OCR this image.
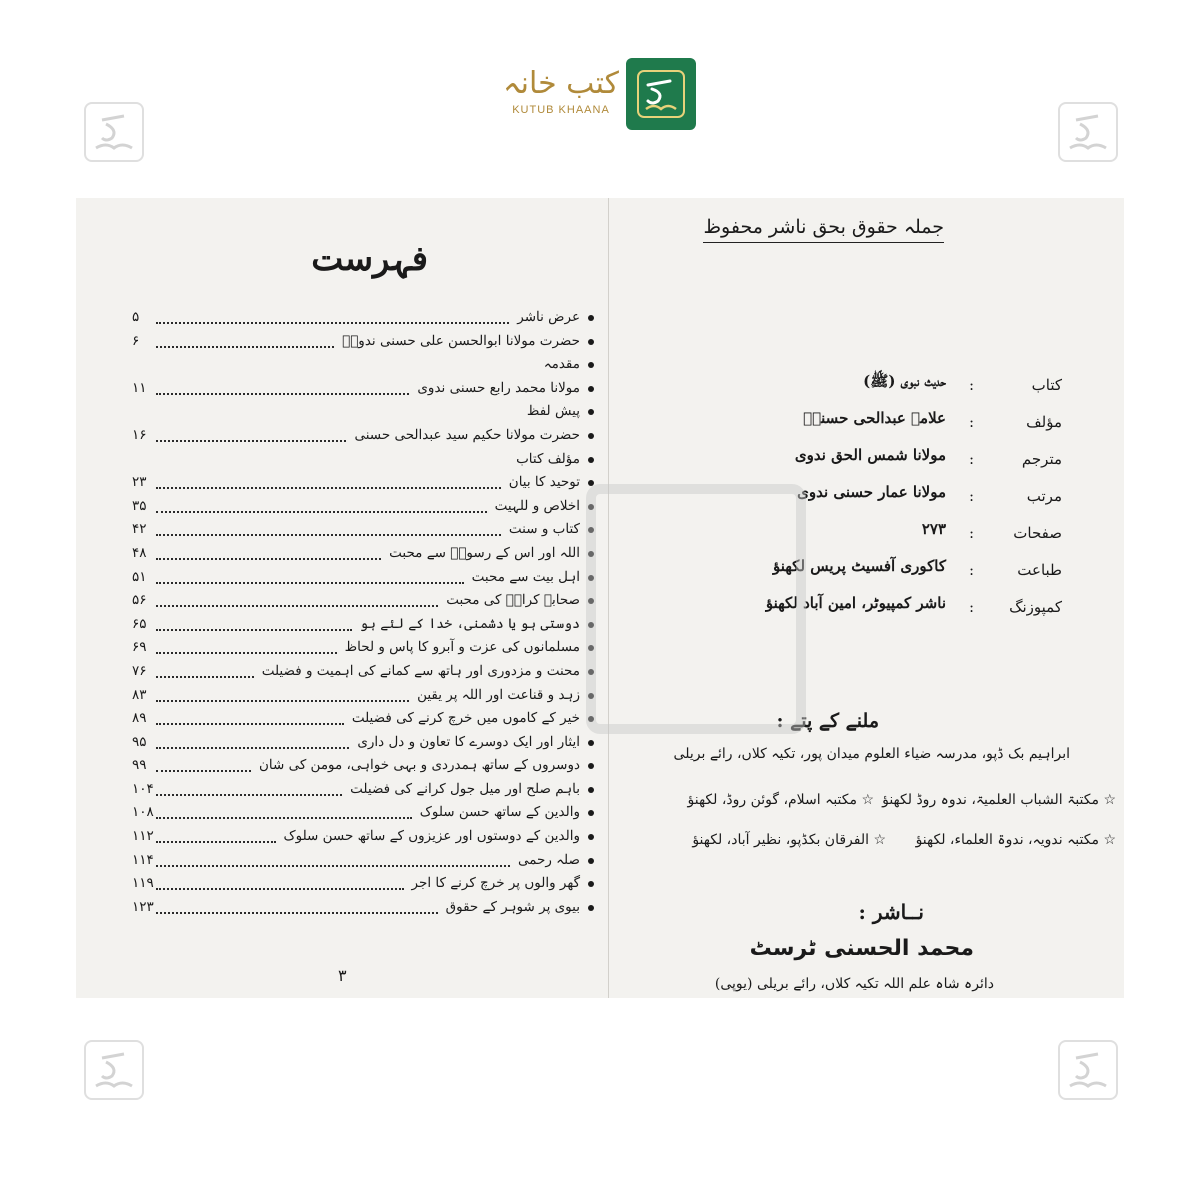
کتب خانہ
KUTUB KHAANA
فہرست
عرض ناشر
۵
حضرت مولانا ابوالحسن علی حسنی ندویؒ
۶
مقدمہ
مولانا محمد رابع حسنی ندوی
۱۱
پیش لفظ
حضرت مولانا حکیم سید عبدالحی حسنی
۱۶
مؤلف کتاب
توحید کا بیان
۲۳
اخلاص و للہیت
۳۵
کتاب و سنت
۴۲
اللہ اور اس کے رسولؐ سے محبت
۴۸
اہل بیت سے محبت
۵۱
صحابہ کرامؓ کی محبت
۵۶
دوستی ہو یا دشمنی، خدا کے لئے ہو
۶۵
مسلمانوں کی عزت و آبرو کا پاس و لحاظ
۶۹
محنت و مزدوری اور ہاتھ سے کمانے کی اہمیت و فضیلت
۷۶
زہد و قناعت اور اللہ پر یقین
۸۳
خیر کے کاموں میں خرچ کرنے کی فضیلت
۸۹
ایثار اور ایک دوسرے کا تعاون و دل داری
۹۵
دوسروں کے ساتھ ہمدردی و بہی خواہی، مومن کی شان
۹۹
باہم صلح اور میل جول کرانے کی فضیلت
۱۰۴
والدین کے ساتھ حسن سلوک
۱۰۸
والدین کے دوستوں اور عزیزوں کے ساتھ حسن سلوک
۱۱۲
صلہ رحمی
۱۱۴
گھر والوں پر خرچ کرنے کا اجر
۱۱۹
بیوی پر شوہر کے حقوق
۱۲۳
۳
جملہ حقوق بحق ناشر محفوظ
کتاب
:
حدیث نبوی (ﷺ)
مؤلف
:
علامہ عبدالحی حسنیؒ
مترجم
:
مولانا شمس الحق ندوی
مرتب
:
مولانا عمار حسنی ندوی
صفحات
:
۲۷۳
طباعت
:
کاکوری آفسیٹ پریس لکھنؤ
کمپوزنگ
:
ناشر کمپیوٹر، امین آباد لکھنؤ
ملنے کے پتے :
ابراہیم بک ڈپو، مدرسہ ضیاء العلوم میدان پور، تکیہ کلاں، رائے بریلی
☆ مکتبۃ الشباب العلمیۃ، ندوہ روڈ لکھنؤ
☆ مکتبہ اسلام، گوئن روڈ، لکھنؤ
☆ مکتبہ ندویہ، ندوۃ العلماء، لکھنؤ
☆ الفرقان بکڈپو، نظیر آباد، لکھنؤ
نــاشر :
محمد الحسنی ٹرسٹ
دائرہ شاہ علم اللہ تکیہ کلاں، رائے بریلی (یوپی)
